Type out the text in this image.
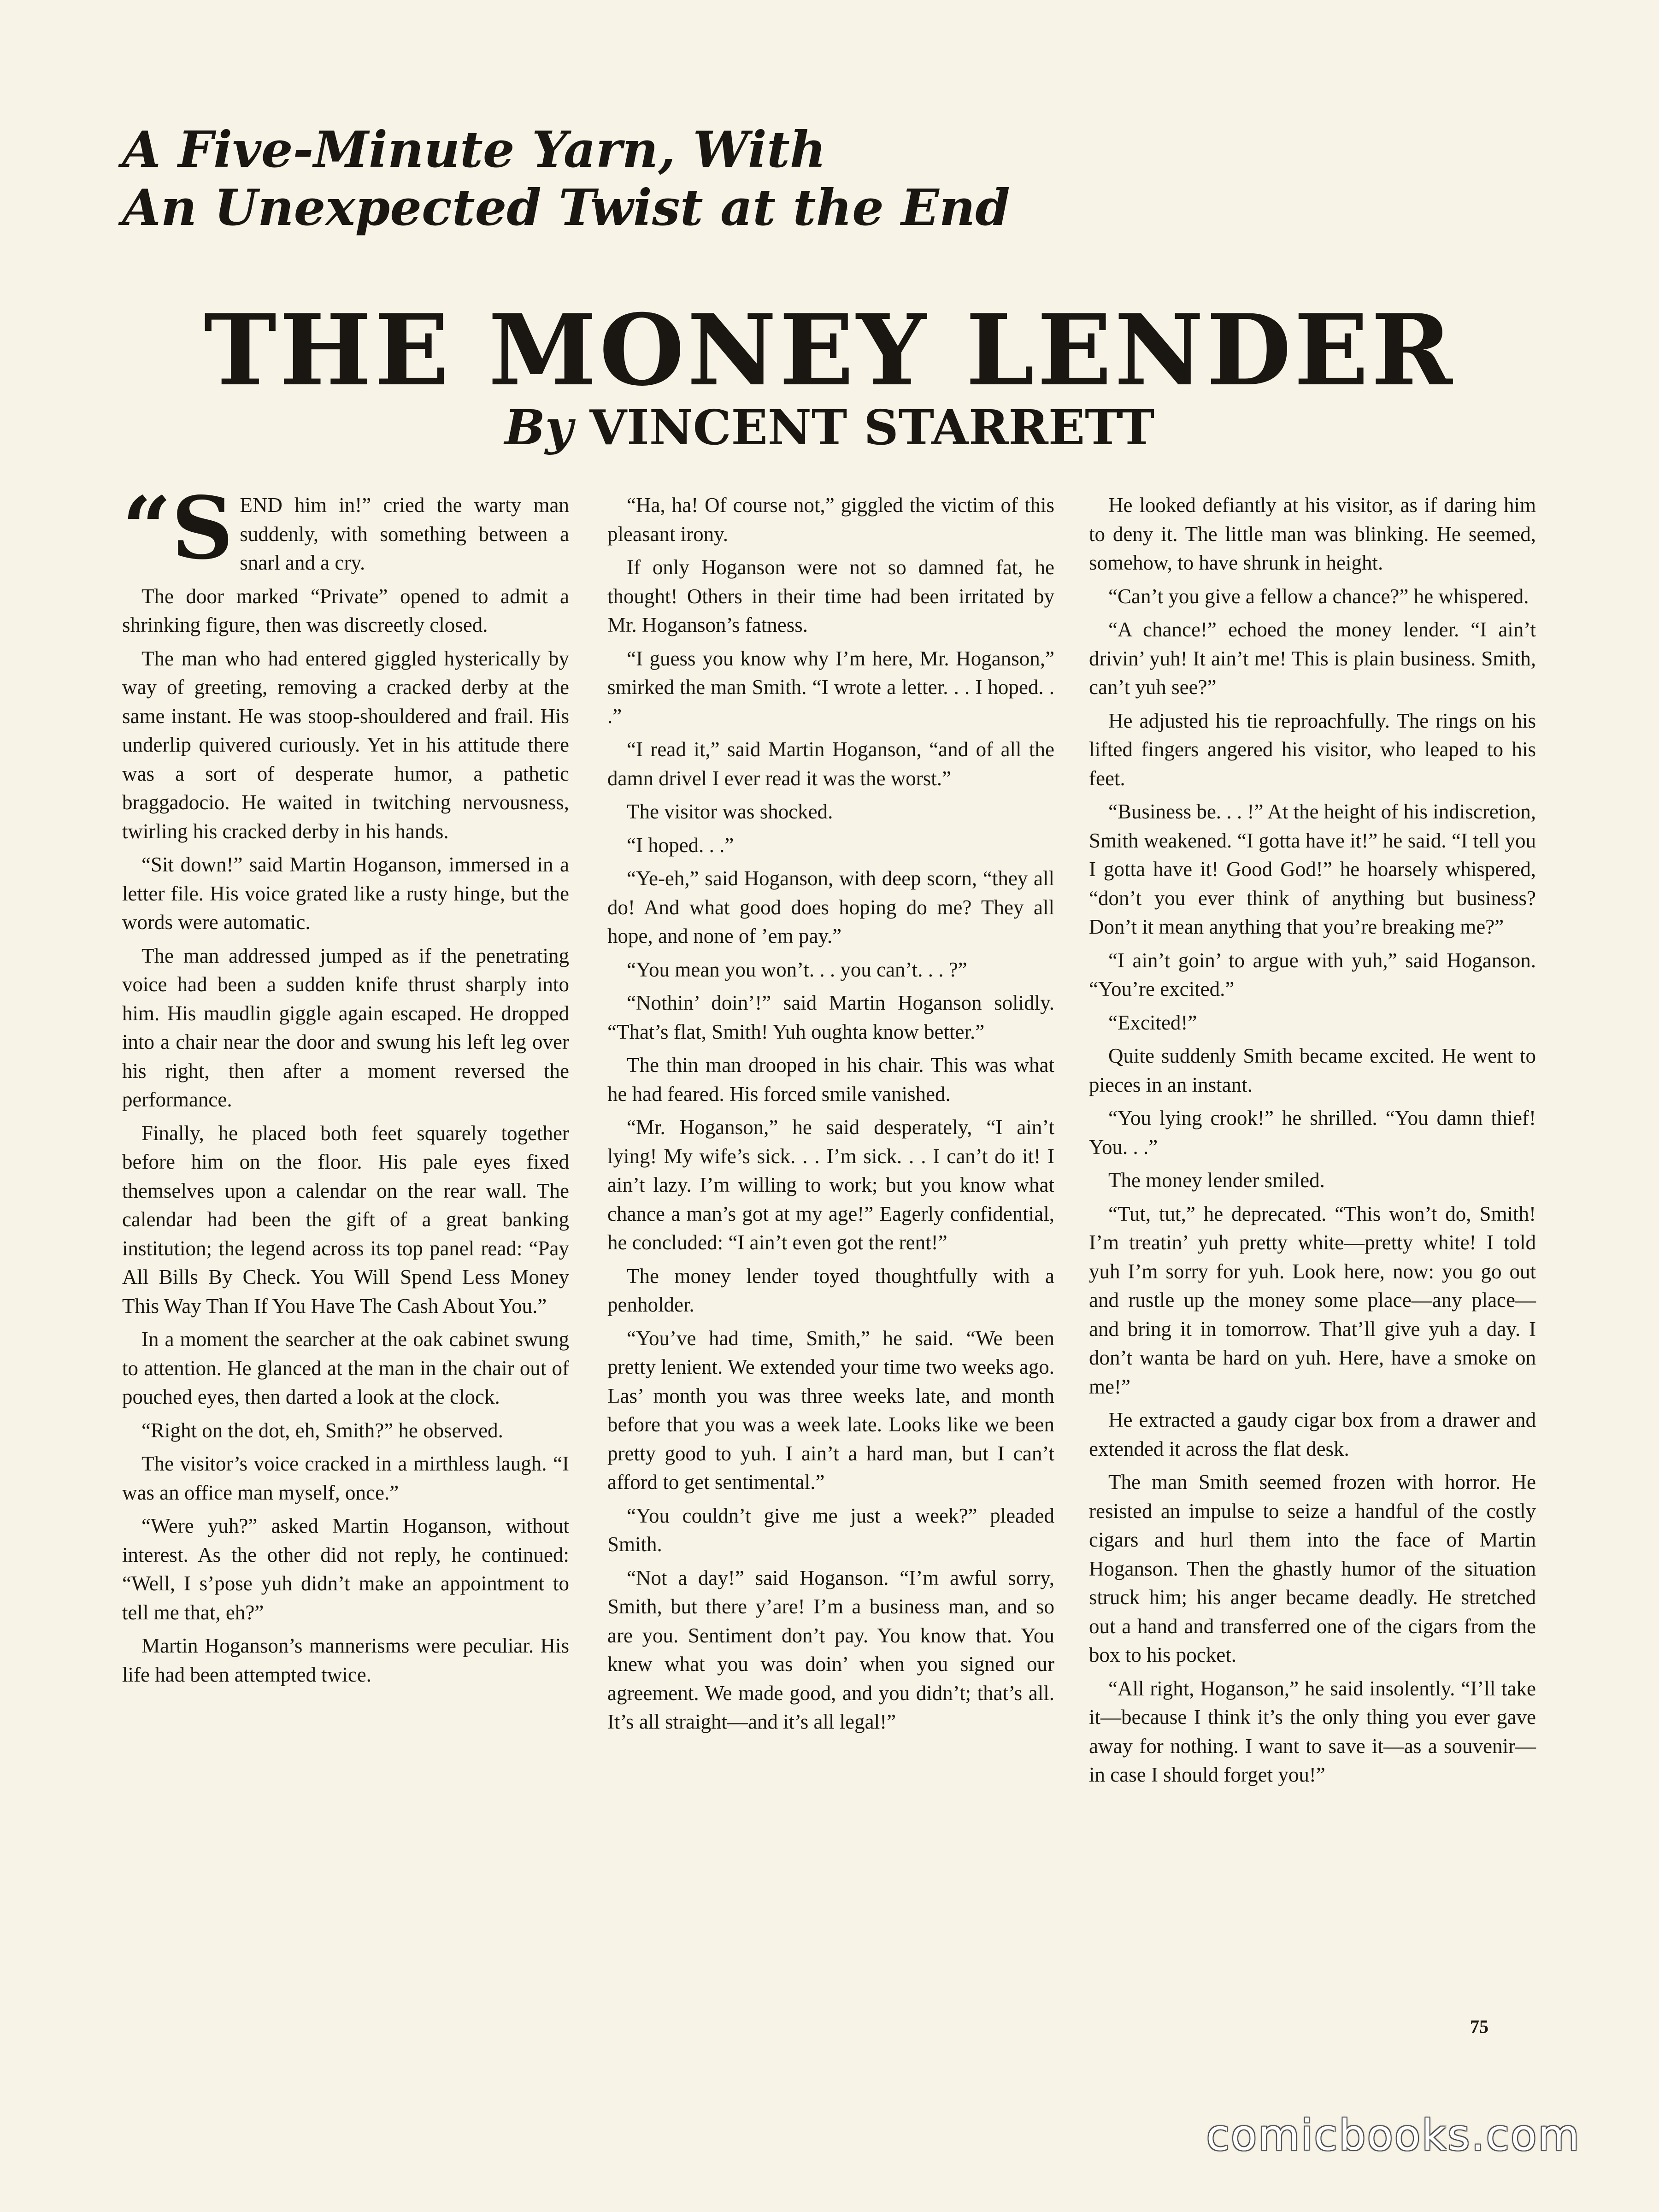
A Five-Minute Yarn, With
An Unexpected Twist at the End
THE MONEY LENDER
By VINCENT STARRETT

“S END him in!” cried the warty man suddenly, with something between a snarl and a cry.

The door marked “Private” opened to admit a shrinking figure, then was discreetly closed.

The man who had entered giggled hysterically by way of greeting, removing a cracked derby at the same instant. He was stoop-shouldered and frail. His underlip quivered curiously. Yet in his attitude there was a sort of desperate humor, a pathetic braggadocio. He waited in twitching nervousness, twirling his cracked derby in his hands.

“Sit down!” said Martin Hoganson, immersed in a letter file. His voice grated like a rusty hinge, but the words were automatic.

The man addressed jumped as if the penetrating voice had been a sudden knife thrust sharply into him. His maudlin giggle again escaped. He dropped into a chair near the door and swung his left leg over his right, then after a moment reversed the performance.

Finally, he placed both feet squarely together before him on the floor. His pale eyes fixed themselves upon a calendar on the rear wall. The calendar had been the gift of a great banking institution; the legend across its top panel read: “Pay All Bills By Check. You Will Spend Less Money This Way Than If You Have The Cash About You.”

In a moment the searcher at the oak cabinet swung to attention. He glanced at the man in the chair out of pouched eyes, then darted a look at the clock.

“Right on the dot, eh, Smith?” he observed.

The visitor’s voice cracked in a mirthless laugh. “I was an office man myself, once.”

“Were yuh?” asked Martin Hoganson, without interest. As the other did not reply, he continued: “Well, I s’pose yuh didn’t make an appointment to tell me that, eh?”

Martin Hoganson’s mannerisms were peculiar. His life had been attempted twice.

“Ha, ha! Of course not,” giggled the victim of this pleasant irony.

If only Hoganson were not so damned fat, he thought! Others in their time had been irritated by Mr. Hoganson’s fatness.

“I guess you know why I’m here, Mr. Hoganson,” smirked the man Smith. “I wrote a letter. . . I hoped. . .”

“I read it,” said Martin Hoganson, “and of all the damn drivel I ever read it was the worst.”

The visitor was shocked.

“I hoped. . .”

“Ye-eh,” said Hoganson, with deep scorn, “they all do! And what good does hoping do me? They all hope, and none of ’em pay.”

“You mean you won’t. . . you can’t. . . ?”

“Nothin’ doin’!” said Martin Hoganson solidly. “That’s flat, Smith! Yuh oughta know better.”

The thin man drooped in his chair. This was what he had feared. His forced smile vanished.

“Mr. Hoganson,” he said desperately, “I ain’t lying! My wife’s sick. . . I’m sick. . . I can’t do it! I ain’t lazy. I’m willing to work; but you know what chance a man’s got at my age!” Eagerly confidential, he concluded: “I ain’t even got the rent!”

The money lender toyed thoughtfully with a penholder.

“You’ve had time, Smith,” he said. “We been pretty lenient. We extended your time two weeks ago. Las’ month you was three weeks late, and month before that you was a week late. Looks like we been pretty good to yuh. I ain’t a hard man, but I can’t afford to get sentimental.”

“You couldn’t give me just a week?” pleaded Smith.

“Not a day!” said Hoganson. “I’m awful sorry, Smith, but there y’are! I’m a business man, and so are you. Sentiment don’t pay. You know that. You knew what you was doin’ when you signed our agreement. We made good, and you didn’t; that’s all. It’s all straight—and it’s all legal!”

He looked defiantly at his visitor, as if daring him to deny it. The little man was blinking. He seemed, somehow, to have shrunk in height.

“Can’t you give a fellow a chance?” he whispered.

“A chance!” echoed the money lender. “I ain’t drivin’ yuh! It ain’t me! This is plain business. Smith, can’t yuh see?”

He adjusted his tie reproachfully. The rings on his lifted fingers angered his visitor, who leaped to his feet.

“Business be. . . !” At the height of his indiscretion, Smith weakened. “I gotta have it!” he said. “I tell you I gotta have it! Good God!” he hoarsely whispered, “don’t you ever think of anything but business? Don’t it mean anything that you’re breaking me?”

“I ain’t goin’ to argue with yuh,” said Hoganson. “You’re excited.”

“Excited!”

Quite suddenly Smith became excited. He went to pieces in an instant.

“You lying crook!” he shrilled. “You damn thief! You. . .”

The money lender smiled.

“Tut, tut,” he deprecated. “This won’t do, Smith! I’m treatin’ yuh pretty white—pretty white! I told yuh I’m sorry for yuh. Look here, now: you go out and rustle up the money some place—any place—and bring it in tomorrow. That’ll give yuh a day. I don’t wanta be hard on yuh. Here, have a smoke on me!”

He extracted a gaudy cigar box from a drawer and extended it across the flat desk.

The man Smith seemed frozen with horror. He resisted an impulse to seize a handful of the costly cigars and hurl them into the face of Martin Hoganson. Then the ghastly humor of the situation struck him; his anger became deadly. He stretched out a hand and transferred one of the cigars from the box to his pocket.

“All right, Hoganson,” he said insolently. “I’ll take it—because I think it’s the only thing you ever gave away for nothing. I want to save it—as a souvenir—in case I should forget you!”

75
comicbooks.com
